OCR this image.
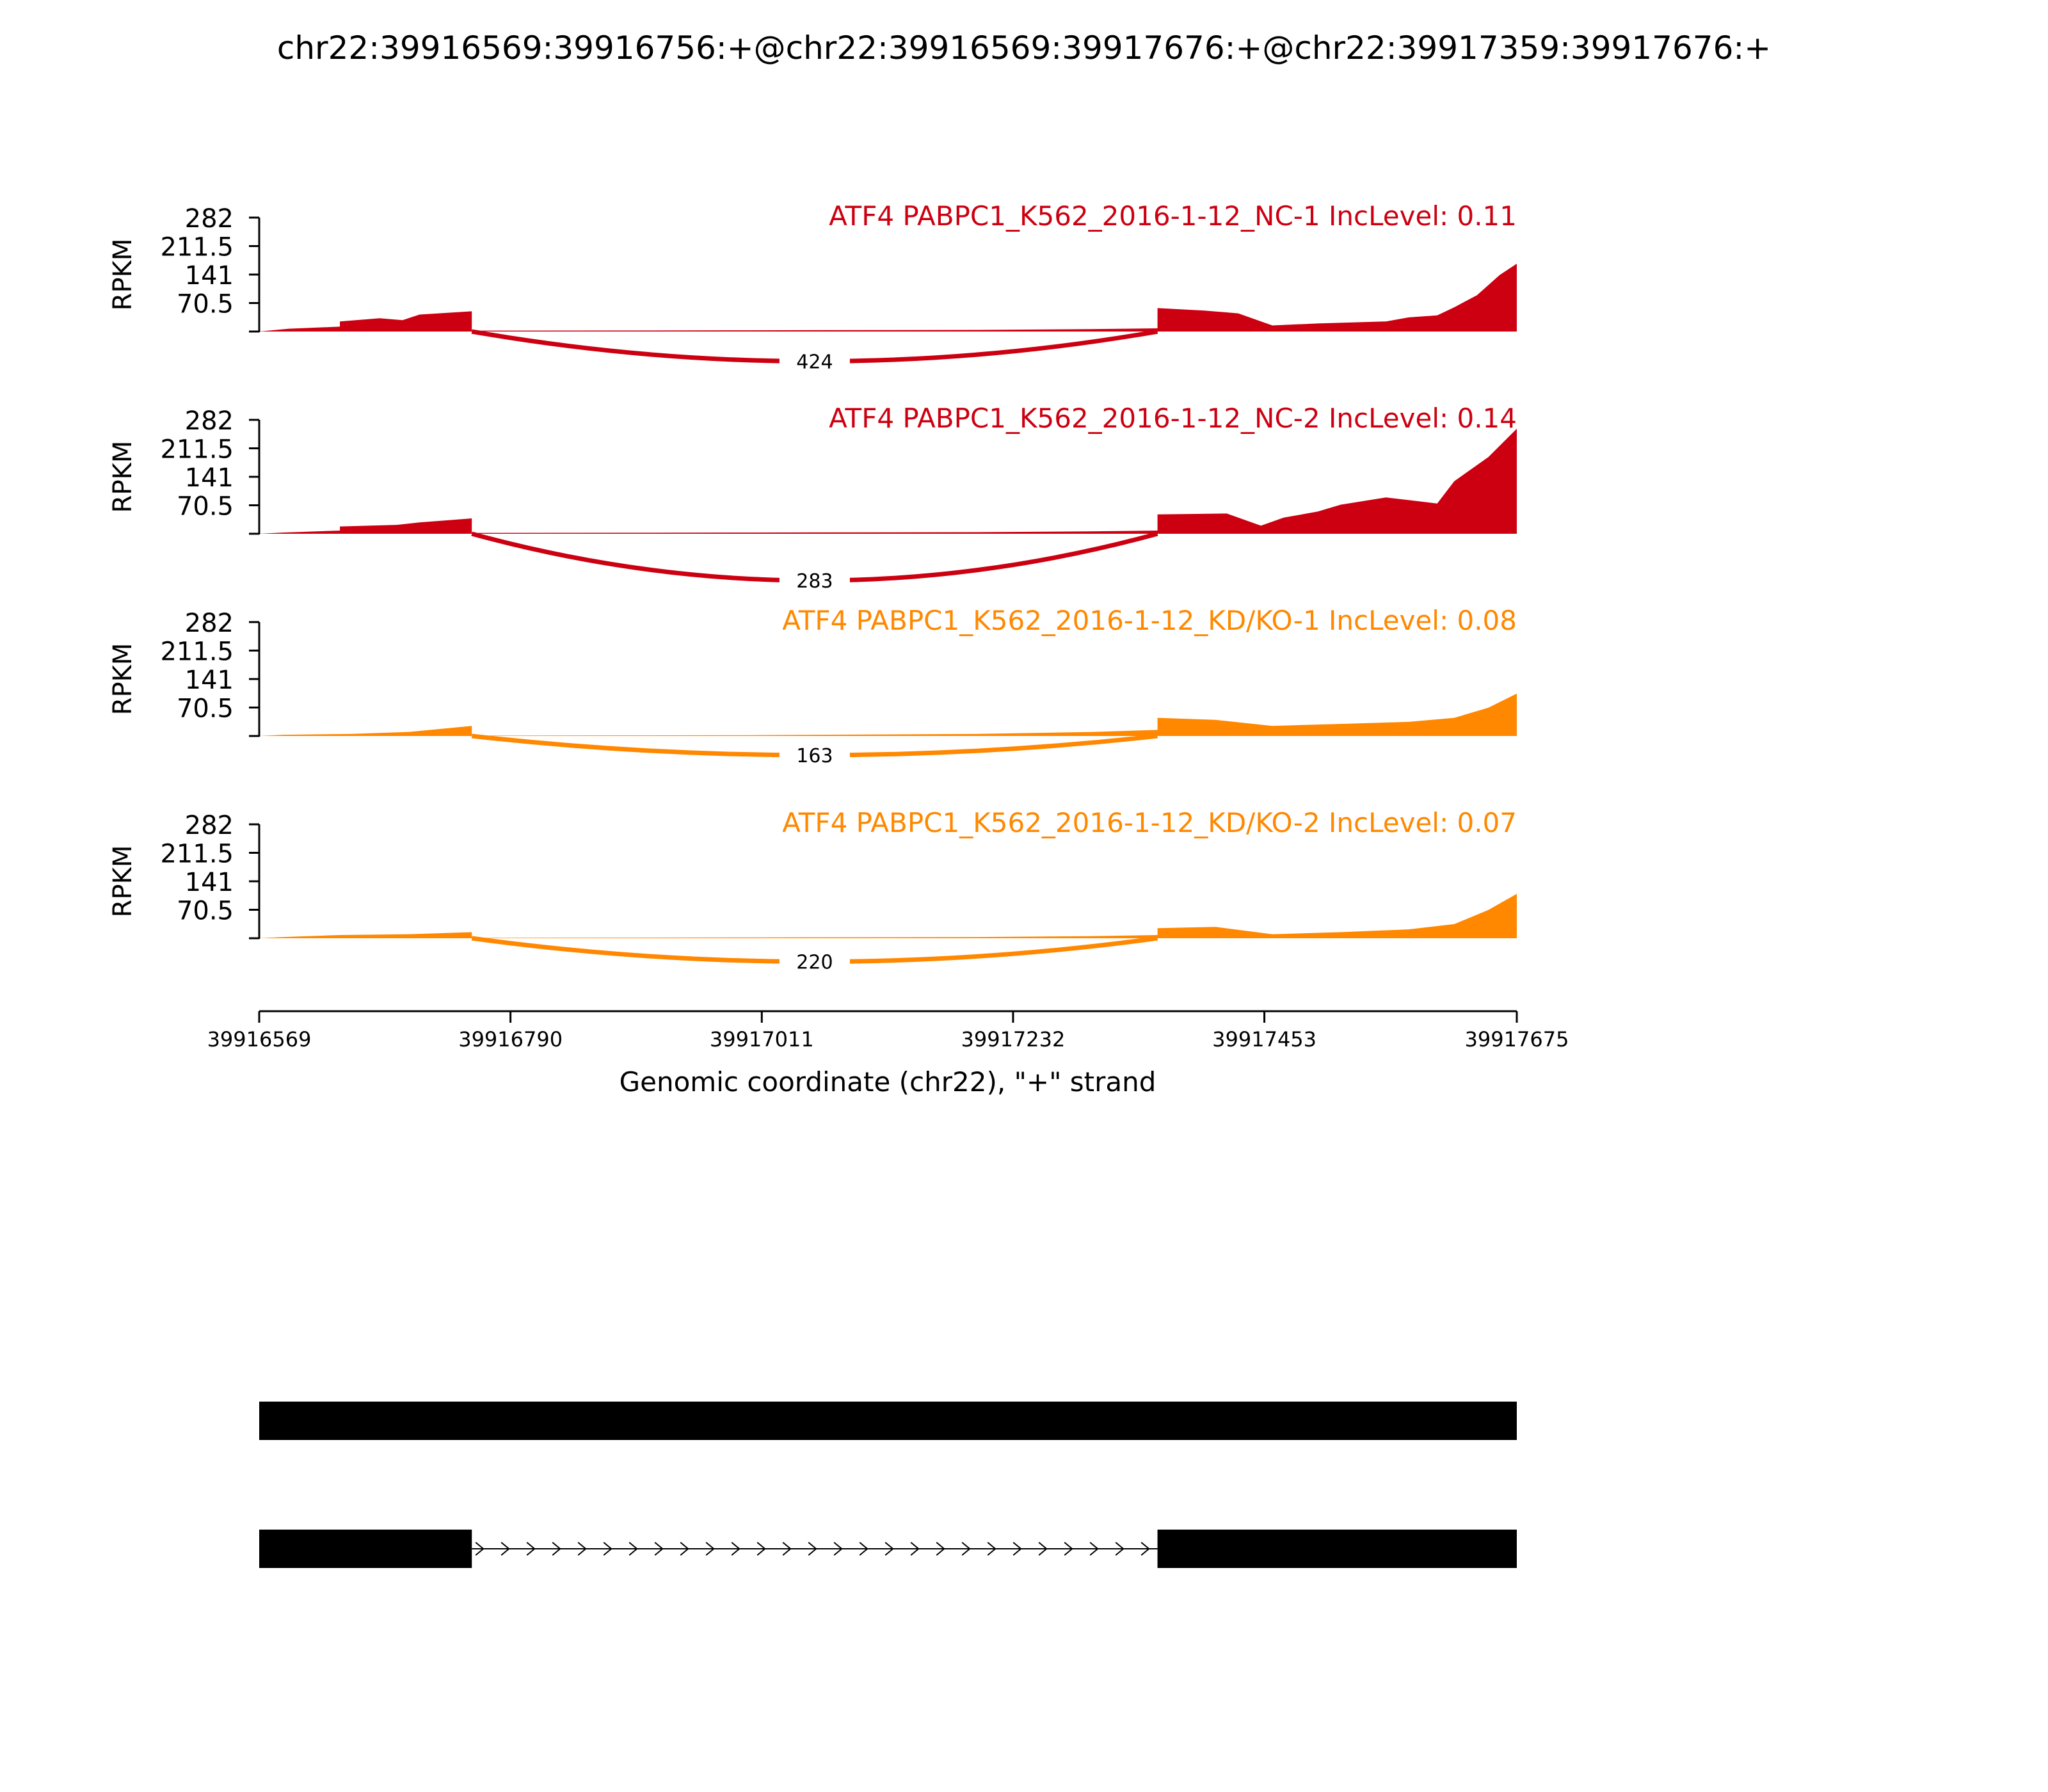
chr22:39916569:39916756:+@chr22:39916569:39917676:+@chr22:39917359:39917676:+
70.5
141
211.5
282
RPKM
ATF4 PABPC1_K562_2016-1-12_NC-1 IncLevel: 0.11
424
70.5
141
211.5
282
RPKM
ATF4 PABPC1_K562_2016-1-12_NC-2 IncLevel: 0.14
283
70.5
141
211.5
282
RPKM
ATF4 PABPC1_K562_2016-1-12_KD/KO-1 IncLevel: 0.08
163
70.5
141
211.5
282
RPKM
ATF4 PABPC1_K562_2016-1-12_KD/KO-2 IncLevel: 0.07
220
39916569	39916790	39917011	39917232	39917453	39917675
Genomic coordinate (chr22), "+" strand
